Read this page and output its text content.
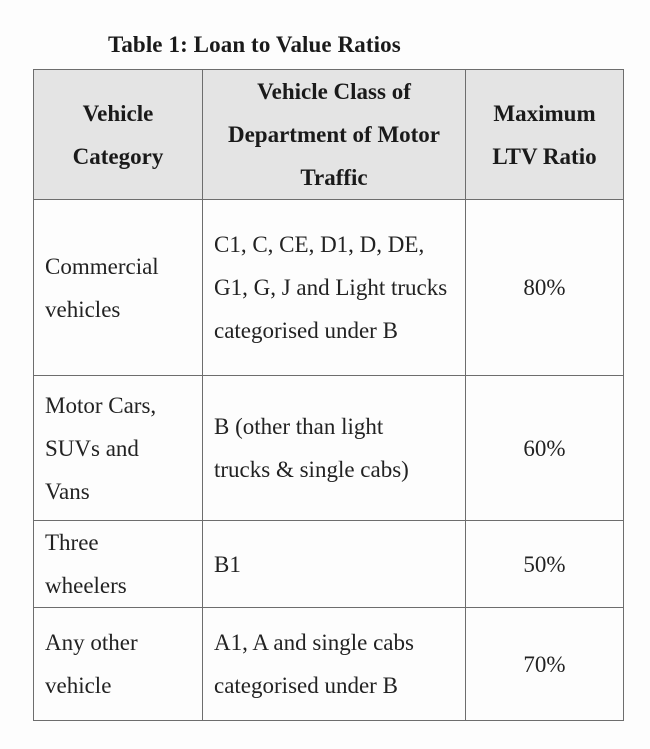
Table 1: Loan to Value Ratios
Vehicle Category	Vehicle Class of Department of Motor Traffic	Maximum LTV Ratio

Commercial vehicles	C1, C, CE, D1, D, DE, G1, G, J and Light trucks categorised under B	80%

Motor Cars, SUVs and Vans	B (other than light trucks & single cabs)	60%

Three wheelers	B1	50%

Any other vehicle	A1, A and single cabs categorised under B	70%
